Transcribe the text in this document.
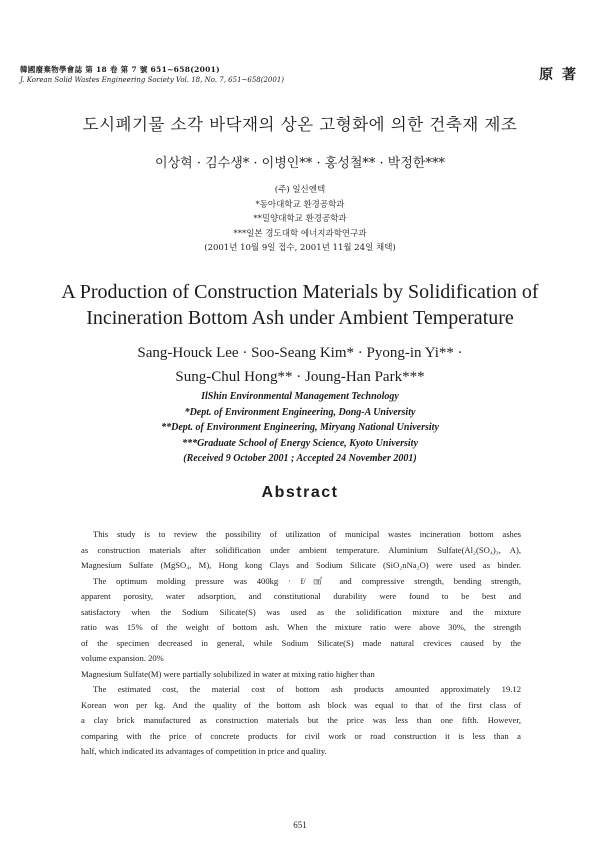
韓國廢棄物學會誌 第 18 卷 第 7 號 651~658(2001)
J. Korean Solid Wastes Engineering Society Vol. 18, No. 7, 651~658(2001)	原 著
도시폐기물 소각 바닥재의 상온 고형화에 의한 건축재 제조
이상혁 · 김수생* · 이병인** · 홍성철** · 박정한***
(주) 일신엔텍
*동아대학교 환경공학과
**밀양대학교 환경공학과
***일본 경도대학 에너지과학연구과
(2001년 10월 9일 접수, 2001년 11월 24일 채택)
A Production of Construction Materials by Solidification of
Incineration Bottom Ash under Ambient Temperature
Sang-Houck Lee · Soo-Seang Kim* · Pyong-in Yi** ·
Sung-Chul Hong** · Joung-Han Park***
IlShin Environmental Management Technology
*Dept. of Environment Engineering, Dong-A University
**Dept. of Environment Engineering, Miryang National University
***Graduate School of Energy Science, Kyoto University
(Received 9 October 2001 ; Accepted 24 November 2001)
Abstract
This study is to review the possibility of utilization of municipal wastes incineration bottom ashes
as construction materials after solidification under ambient temperature. Aluminium Sulfate(Al₂(SO₄)₃, A),
Magnesium Sulfate (MgSO₄, M), Hong kong Clays and Sodium Silicate (SiO₂nNa₂O) were used as binder.
The optimum molding pressure was 400kg · f/㎠ and compressive strength, bending strength,
apparent porosity, water adsorption, and constitutional durability were found to be best and
satisfactory when the Sodium Silicate(S) was used as the solidification mixture and the mixture
ratio was 15% of the weight of bottom ash. When the mixture ratio were above 30%, the strength
of the specimen decreased in general, while Sodium Silicate(S) made natural crevices caused by the
volume expansion. 20%
Magnesium Sulfate(M) were partially solubilized in water at mixing ratio higher than
The estimated cost, the material cost of bottom ash products amounted approximately 19.12
Korean won per kg. And the quality of the bottom ash block was equal to that of the first class of
a clay brick manufactured as construction materials but the price was less than one fifth. However,
comparing with the price of concrete products for civil work or road construction it is less than a
half, which indicated its advantages of competition in price and quality.
651
